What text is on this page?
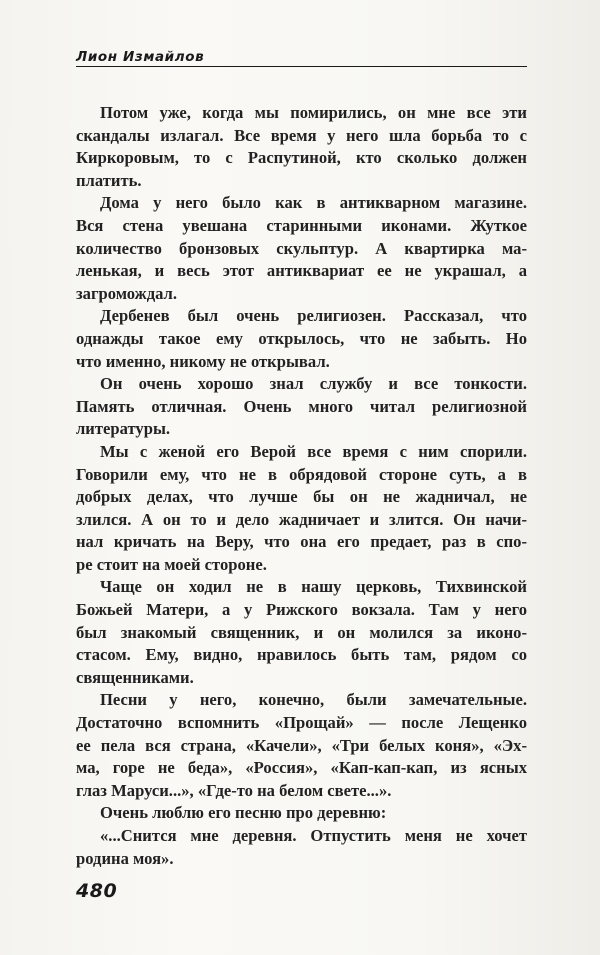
Лион Измайлов
Потом уже, когда мы помирились, он мне все эти
скандалы излагал. Все время у него шла борьба то с
Киркоровым, то с Распутиной, кто сколько должен
платить.
Дома у него было как в антикварном магазине.
Вся стена увешана старинными иконами. Жуткое
количество бронзовых скульптур. А квартирка ма-
ленькая, и весь этот антиквариат ее не украшал, а
загромождал.
Дербенев был очень религиозен. Рассказал, что
однажды такое ему открылось, что не забыть. Но
что именно, никому не открывал.
Он очень хорошо знал службу и все тонкости.
Память отличная. Очень много читал религиозной
литературы.
Мы с женой его Верой все время с ним спорили.
Говорили ему, что не в обрядовой стороне суть, а в
добрых делах, что лучше бы он не жадничал, не
злился. А он то и дело жадничает и злится. Он начи-
нал кричать на Веру, что она его предает, раз в спо-
ре стоит на моей стороне.
Чаще он ходил не в нашу церковь, Тихвинской
Божьей Матери, а у Рижского вокзала. Там у него
был знакомый священник, и он молился за иконо-
стасом. Ему, видно, нравилось быть там, рядом со
священниками.
Песни у него, конечно, были замечательные.
Достаточно вспомнить «Прощай» — после Лещенко
ее пела вся страна, «Качели», «Три белых коня», «Эх-
ма, горе не беда», «Россия», «Кап-кап-кап, из ясных
глаз Маруси...», «Где-то на белом свете...».
Очень люблю его песню про деревню:
«...Снится мне деревня. Отпустить меня не хочет
родина моя».
480
